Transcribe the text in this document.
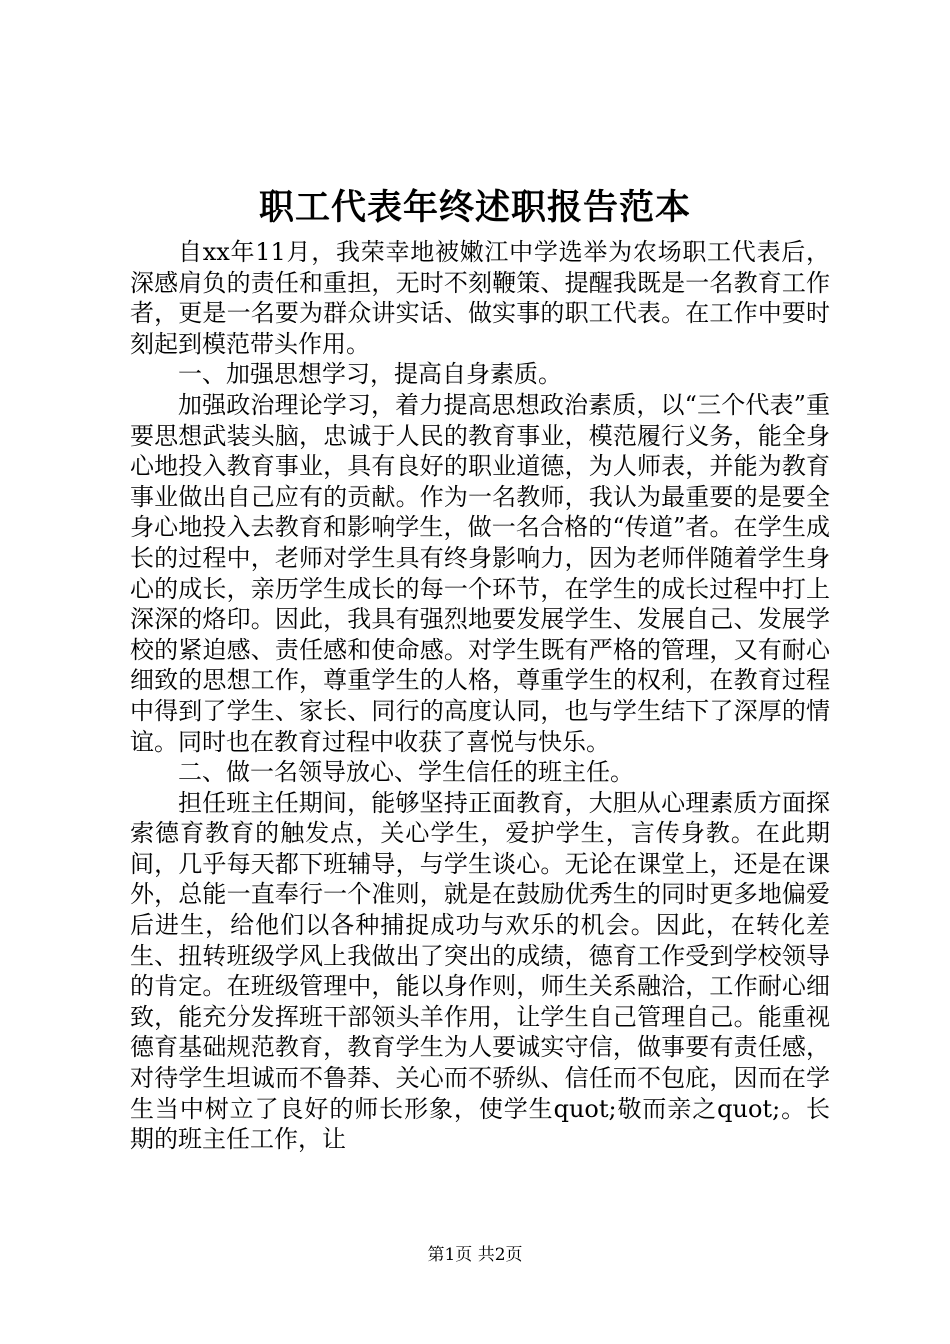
职工代表年终述职报告范本

自xx年11月，我荣幸地被嫩江中学选举为农场职工代表后，深感肩负的责任和重担，无时不刻鞭策、提醒我既是一名教育工作者，更是一名要为群众讲实话、做实事的职工代表。在工作中要时刻起到模范带头作用。

一、加强思想学习，提高自身素质。

加强政治理论学习，着力提高思想政治素质，以“三个代表”重要思想武装头脑，忠诚于人民的教育事业，模范履行义务，能全身心地投入教育事业，具有良好的职业道德，为人师表，并能为教育事业做出自己应有的贡献。作为一名教师，我认为最重要的是要全身心地投入去教育和影响学生，做一名合格的“传道”者。在学生成长的过程中，老师对学生具有终身影响力，因为老师伴随着学生身心的成长，亲历学生成长的每一个环节，在学生的成长过程中打上深深的烙印。因此，我具有强烈地要发展学生、发展自己、发展学校的紧迫感、责任感和使命感。对学生既有严格的管理，又有耐心细致的思想工作，尊重学生的人格，尊重学生的权利，在教育过程中得到了学生、家长、同行的高度认同，也与学生结下了深厚的情谊。同时也在教育过程中收获了喜悦与快乐。

二、做一名领导放心、学生信任的班主任。

担任班主任期间，能够坚持正面教育，大胆从心理素质方面探索德育教育的触发点，关心学生，爱护学生，言传身教。在此期间，几乎每天都下班辅导，与学生谈心。无论在课堂上，还是在课外，总能一直奉行一个准则，就是在鼓励优秀生的同时更多地偏爱后进生，给他们以各种捕捉成功与欢乐的机会。因此，在转化差生、扭转班级学风上我做出了突出的成绩，德育工作受到学校领导的肯定。在班级管理中，能以身作则，师生关系融洽，工作耐心细致，能充分发挥班干部领头羊作用，让学生自己管理自己。能重视德育基础规范教育，教育学生为人要诚实守信，做事要有责任感，对待学生坦诚而不鲁莽、关心而不骄纵、信任而不包庇，因而在学生当中树立了良好的师长形象，使学生quot;敬而亲之quot;。长期的班主任工作，让

第1页 共2页
